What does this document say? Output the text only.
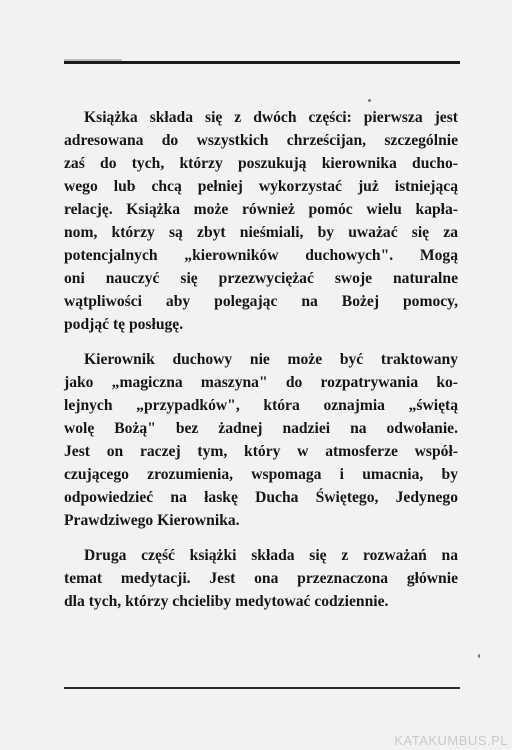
Książka składa się z dwóch części: pierwsza jest
adresowana do wszystkich chrześcijan, szczególnie
zaś do tych, którzy poszukują kierownika ducho-
wego lub chcą pełniej wykorzystać już istniejącą
relację. Książka może również pomóc wielu kapła-
nom, którzy są zbyt nieśmiali, by uważać się za
potencjalnych „kierowników duchowych". Mogą
oni nauczyć się przezwyciężać swoje naturalne
wątpliwości aby polegając na Bożej pomocy,
podjąć tę posługę.

Kierownik duchowy nie może być traktowany
jako „magiczna maszyna" do rozpatrywania ko-
lejnych „przypadków", która oznajmia „świętą
wolę Bożą" bez żadnej nadziei na odwołanie.
Jest on raczej tym, który w atmosferze współ-
czującego zrozumienia, wspomaga i umacnia, by
odpowiedzieć na łaskę Ducha Świętego, Jedynego
Prawdziwego Kierownika.

Druga część książki składa się z rozważań na
temat medytacji. Jest ona przeznaczona głównie
dla tych, którzy chcieliby medytować codziennie.

KATAKUMBUS.PL
